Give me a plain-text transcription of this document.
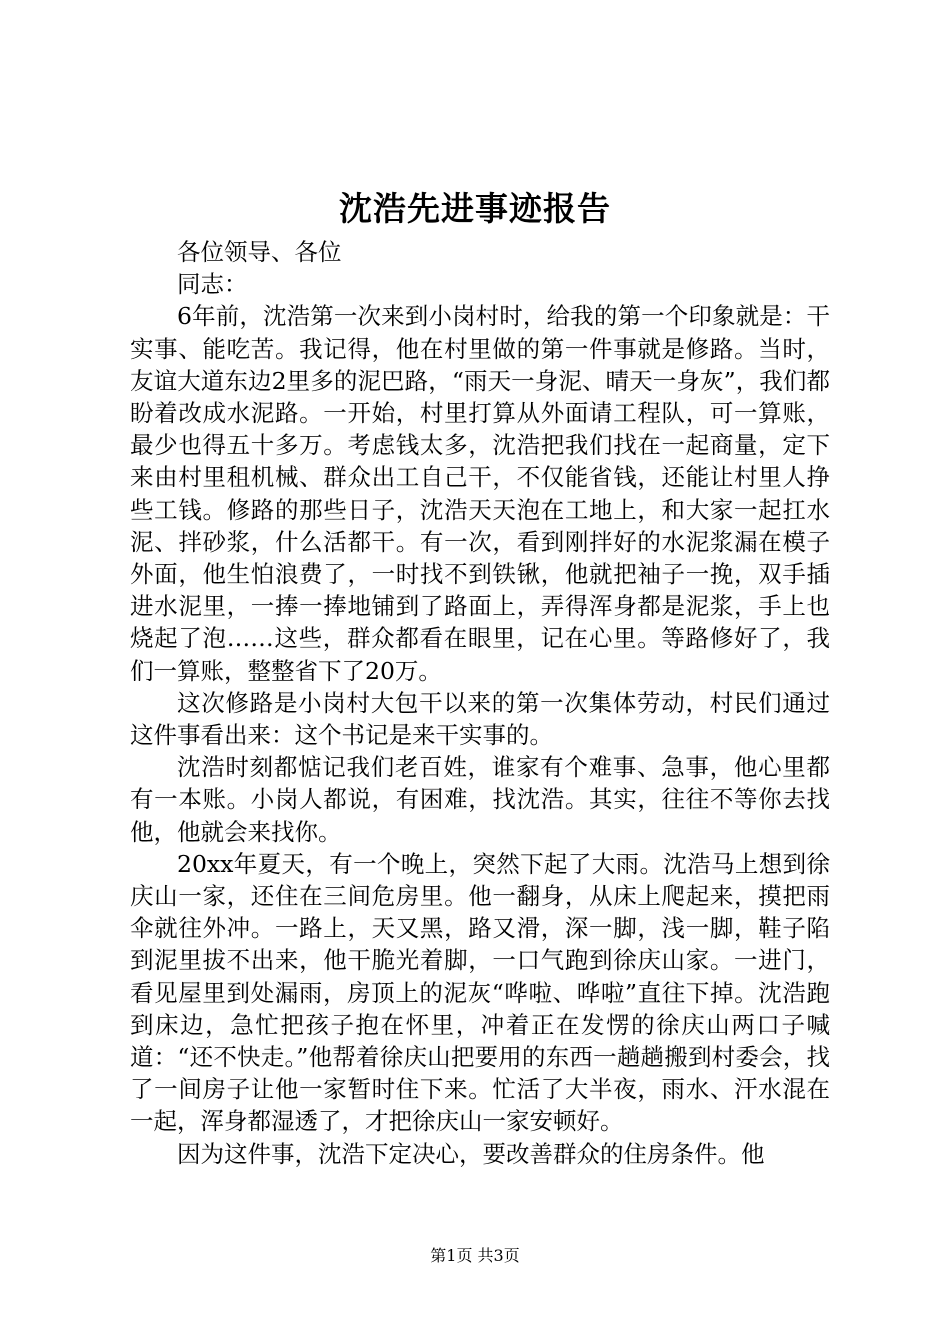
沈浩先进事迹报告

各位领导、各位

同志：

6年前，沈浩第一次来到小岗村时，给我的第一个印象就是：干实事、能吃苦。我记得，他在村里做的第一件事就是修路。当时，友谊大道东边2里多的泥巴路，“雨天一身泥、晴天一身灰”，我们都盼着改成水泥路。一开始，村里打算从外面请工程队，可一算账，最少也得五十多万。考虑钱太多，沈浩把我们找在一起商量，定下来由村里租机械、群众出工自己干，不仅能省钱，还能让村里人挣些工钱。修路的那些日子，沈浩天天泡在工地上，和大家一起扛水泥、拌砂浆，什么活都干。有一次，看到刚拌好的水泥浆漏在模子外面，他生怕浪费了，一时找不到铁锹，他就把袖子一挽，双手插进水泥里，一捧一捧地铺到了路面上，弄得浑身都是泥浆，手上也烧起了泡……这些，群众都看在眼里，记在心里。等路修好了，我们一算账，整整省下了20万。

这次修路是小岗村大包干以来的第一次集体劳动，村民们通过这件事看出来：这个书记是来干实事的。

沈浩时刻都惦记我们老百姓，谁家有个难事、急事，他心里都有一本账。小岗人都说，有困难，找沈浩。其实，往往不等你去找他，他就会来找你。

20xx年夏天，有一个晚上，突然下起了大雨。沈浩马上想到徐庆山一家，还住在三间危房里。他一翻身，从床上爬起来，摸把雨伞就往外冲。一路上，天又黑，路又滑，深一脚，浅一脚，鞋子陷到泥里拔不出来，他干脆光着脚，一口气跑到徐庆山家。一进门，看见屋里到处漏雨，房顶上的泥灰“哗啦、哗啦”直往下掉。沈浩跑到床边，急忙把孩子抱在怀里，冲着正在发愣的徐庆山两口子喊道：“还不快走。”他帮着徐庆山把要用的东西一趟趟搬到村委会，找了一间房子让他一家暂时住下来。忙活了大半夜，雨水、汗水混在一起，浑身都湿透了，才把徐庆山一家安顿好。

因为这件事，沈浩下定决心，要改善群众的住房条件。他

第1页 共3页
